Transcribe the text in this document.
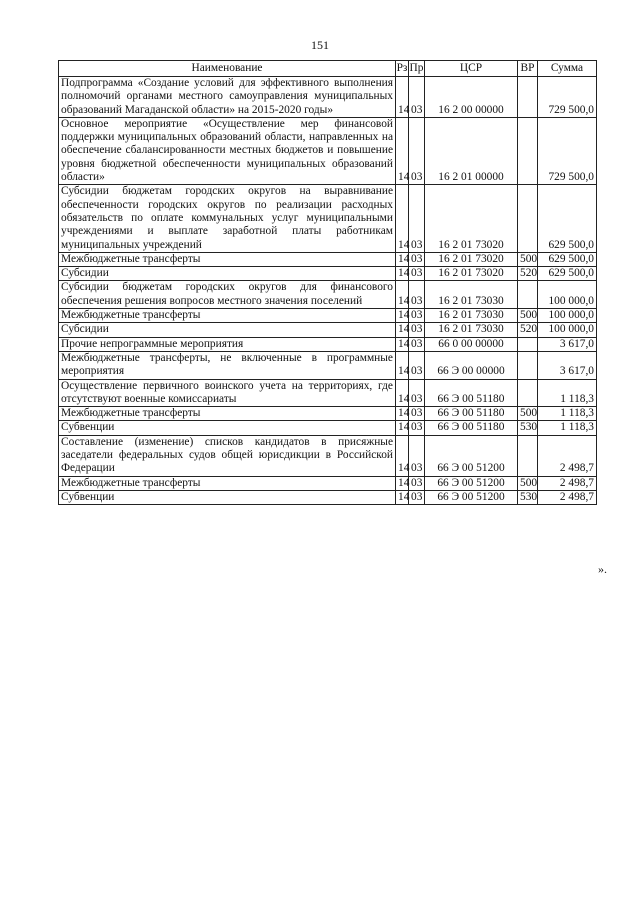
151
Наименование	Рз	Пр	ЦСР	ВР	Сумма
Подпрограмма «Создание условий для эффективного выполнения полномочий органами местного самоуправления муниципальных образований Магаданской области» на 2015-2020 годы»	14	03	16 2 00 00000		729 500,0
Основное мероприятие «Осуществление мер финансовой поддержки муниципальных образований области, направленных на обеспечение сбалансированности местных бюджетов и повышение уровня бюджетной обеспеченности муниципальных образований области»	14	03	16 2 01 00000		729 500,0
Субсидии бюджетам городских округов на выравнивание обеспеченности городских округов по реализации расходных обязательств по оплате коммунальных услуг муниципальными учреждениями и выплате заработной платы работникам муниципальных учреждений	14	03	16 2 01 73020		629 500,0
Межбюджетные трансферты	14	03	16 2 01 73020	500	629 500,0
Субсидии	14	03	16 2 01 73020	520	629 500,0
Субсидии бюджетам городских округов для финансового обеспечения решения вопросов местного значения поселений	14	03	16 2 01 73030		100 000,0
Межбюджетные трансферты	14	03	16 2 01 73030	500	100 000,0
Субсидии	14	03	16 2 01 73030	520	100 000,0
Прочие непрограммные мероприятия	14	03	66 0 00 00000		3 617,0
Межбюджетные трансферты, не включенные в программные мероприятия	14	03	66 Э 00 00000		3 617,0
Осуществление первичного воинского учета на территориях, где отсутствуют военные комиссариаты	14	03	66 Э 00 51180		1 118,3
Межбюджетные трансферты	14	03	66 Э 00 51180	500	1 118,3
Субвенции	14	03	66 Э 00 51180	530	1 118,3
Составление (изменение) списков кандидатов в присяжные заседатели федеральных судов общей юрисдикции в Российской Федерации	14	03	66 Э 00 51200		2 498,7
Межбюджетные трансферты	14	03	66 Э 00 51200	500	2 498,7
Субвенции	14	03	66 Э 00 51200	530	2 498,7
».
